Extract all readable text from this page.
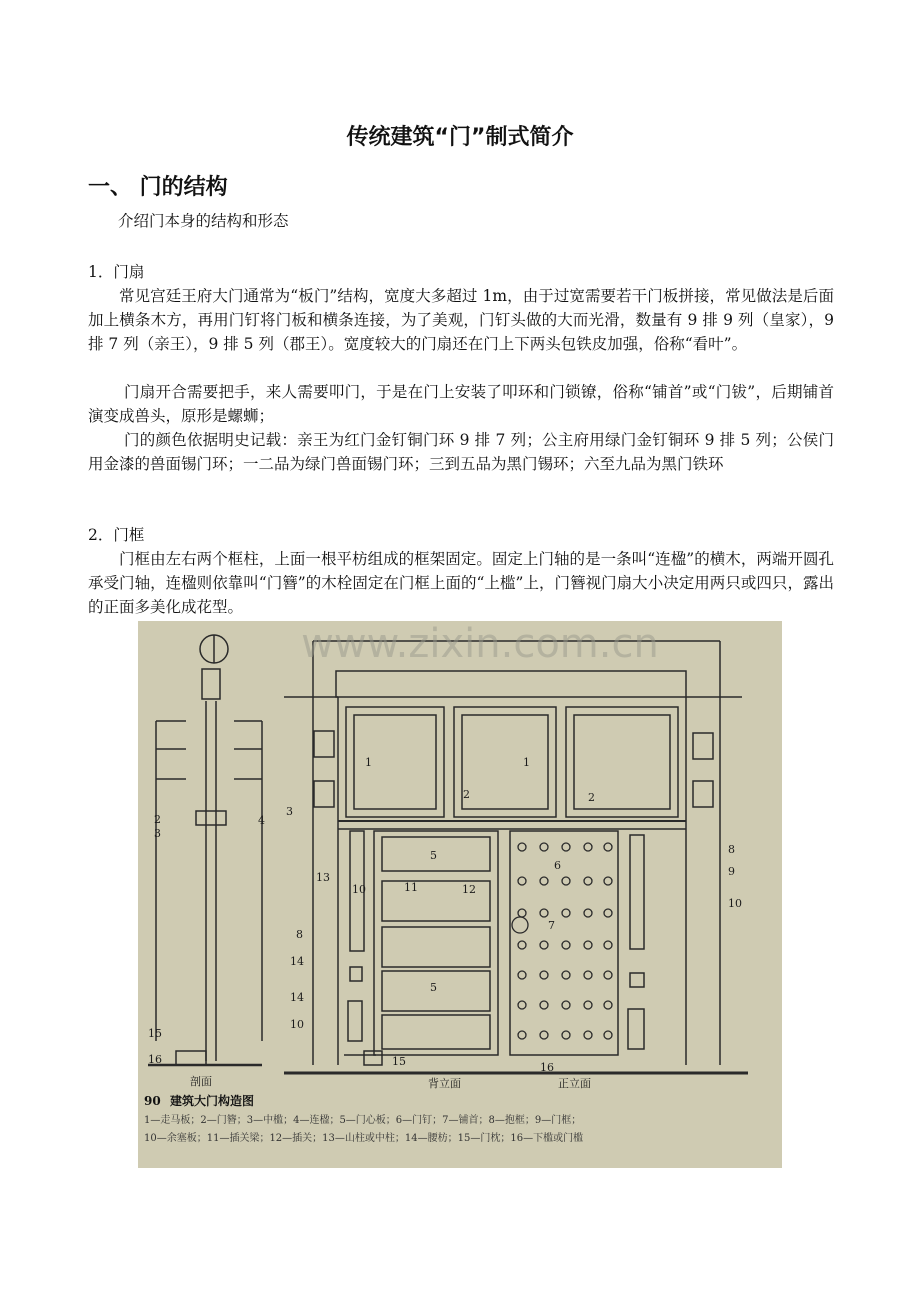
传统建筑“门”制式简介
一、 门的结构

介绍门本身的结构和形态

1．门扇

常见宫廷王府大门通常为“板门”结构，宽度大多超过 1m，由于过宽需要若干门板拼接，常见做法是后面加上横条木方，再用门钉将门板和横条连接，为了美观，门钉头做的大而光滑，数量有 9 排 9 列（皇家），9 排 7 列（亲王），9 排 5 列（郡王）。宽度较大的门扇还在门上下两头包铁皮加强，俗称“看叶”。

门扇开合需要把手，来人需要叩门，于是在门上安装了叩环和门锁镣，俗称“铺首”或“门钹”，后期铺首演变成兽头，原形是螺蛳；

门的颜色依据明史记载：亲王为红门金钉铜门环 9 排 7 列；公主府用绿门金钉铜环 9 排 5 列；公侯门用金漆的兽面锡门环；一二品为绿门兽面锡门环；三到五品为黑门锡环；六至九品为黑门铁环

2．门框

门框由左右两个框柱，上面一根平枋组成的框架固定。固定上门轴的是一条叫“连楹”的横木，两端开圆孔承受门轴，连楹则依靠叫“门簪”的木栓固定在门框上面的“上槛”上，门簪视门扇大小决定用两只或四只，露出的正面多美化成花型。

www.zixin.com.cn
1	1
2	2
3
4
2
3
5
6
7
8
8
9
10
10	11	12
13
14
14
10
15
15
16
16
5
剖面	背立面	正立面
90 建筑大门构造图
1—走马板；2—门簪；3—中槛；4—连楹；5—门心板；6—门钉；7—铺首；8—抱框；9—门框；
10—余塞板；11—插关梁；12—插关；13—山柱或中柱；14—腰枋；15—门枕；16—下槛或门槛
